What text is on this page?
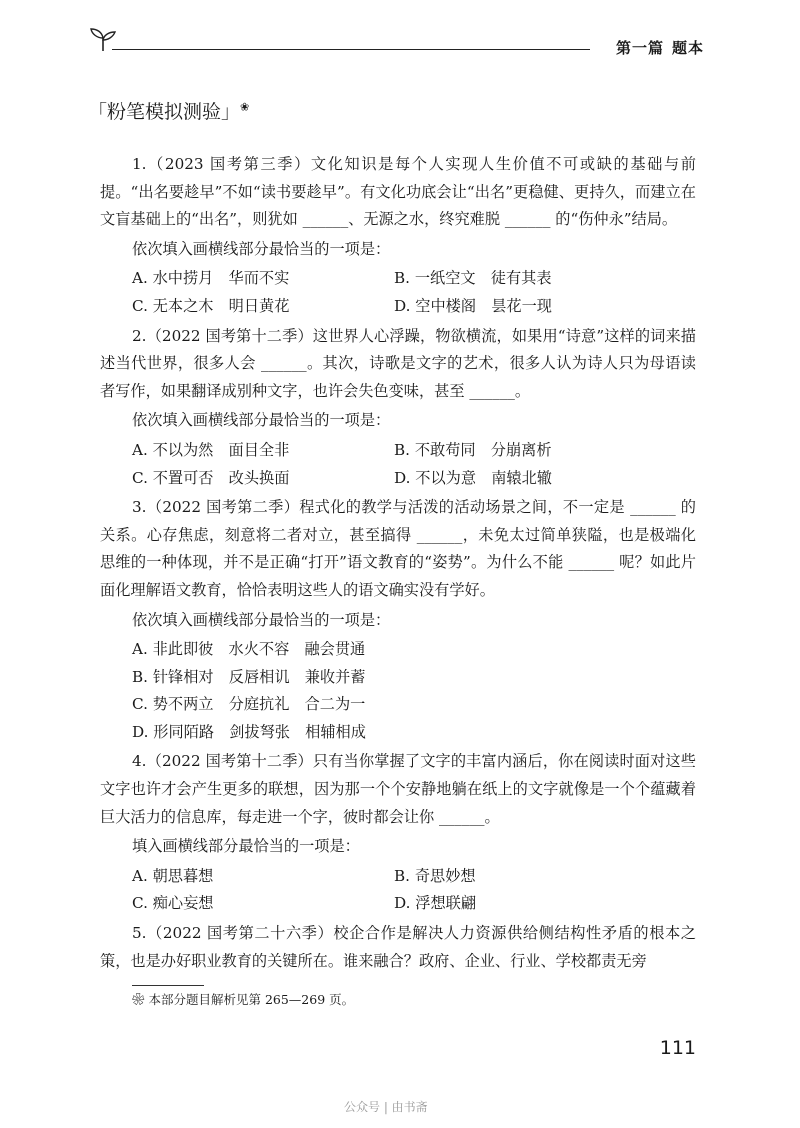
第一篇 题本
「粉笔模拟测验」❀

1.（2023 国考第三季）文化知识是每个人实现人生价值不可或缺的基础与前提。“出名要趁早”不如“读书要趁早”。有文化功底会让“出名”更稳健、更持久，而建立在文盲基础上的“出名”，则犹如 ______、无源之水，终究难脱 ______ 的“伤仲永”结局。

依次填入画横线部分最恰当的一项是：

A. 水中捞月　华而不实	B. 一纸空文　徒有其表
C. 无本之木　明日黄花	D. 空中楼阁　昙花一现

2.（2022 国考第十二季）这世界人心浮躁，物欲横流，如果用“诗意”这样的词来描述当代世界，很多人会 ______。其次，诗歌是文字的艺术，很多人认为诗人只为母语读者写作，如果翻译成别种文字，也许会失色变味，甚至 ______。

依次填入画横线部分最恰当的一项是：

A. 不以为然　面目全非	B. 不敢苟同　分崩离析
C. 不置可否　改头换面	D. 不以为意　南辕北辙

3.（2022 国考第二季）程式化的教学与活泼的活动场景之间，不一定是 ______ 的关系。心存焦虑，刻意将二者对立，甚至搞得 ______，未免太过简单狭隘，也是极端化思维的一种体现，并不是正确“打开”语文教育的“姿势”。为什么不能 ______ 呢？如此片面化理解语文教育，恰恰表明这些人的语文确实没有学好。

依次填入画横线部分最恰当的一项是：

A. 非此即彼　水火不容　融会贯通
B. 针锋相对　反唇相讥　兼收并蓄
C. 势不两立　分庭抗礼　合二为一
D. 形同陌路　剑拔弩张　相辅相成

4.（2022 国考第十二季）只有当你掌握了文字的丰富内涵后，你在阅读时面对这些文字也许才会产生更多的联想，因为那一个个安静地躺在纸上的文字就像是一个个蕴藏着巨大活力的信息库，每走进一个字，彼时都会让你 ______。

填入画横线部分最恰当的一项是：

A. 朝思暮想	B. 奇思妙想
C. 痴心妄想	D. 浮想联翩

5.（2022 国考第二十六季）校企合作是解决人力资源供给侧结构性矛盾的根本之策，也是办好职业教育的关键所在。谁来融合？政府、企业、行业、学校都责无旁

❀ 本部分题目解析见第 265—269 页。
111
公众号 | 由书斋
